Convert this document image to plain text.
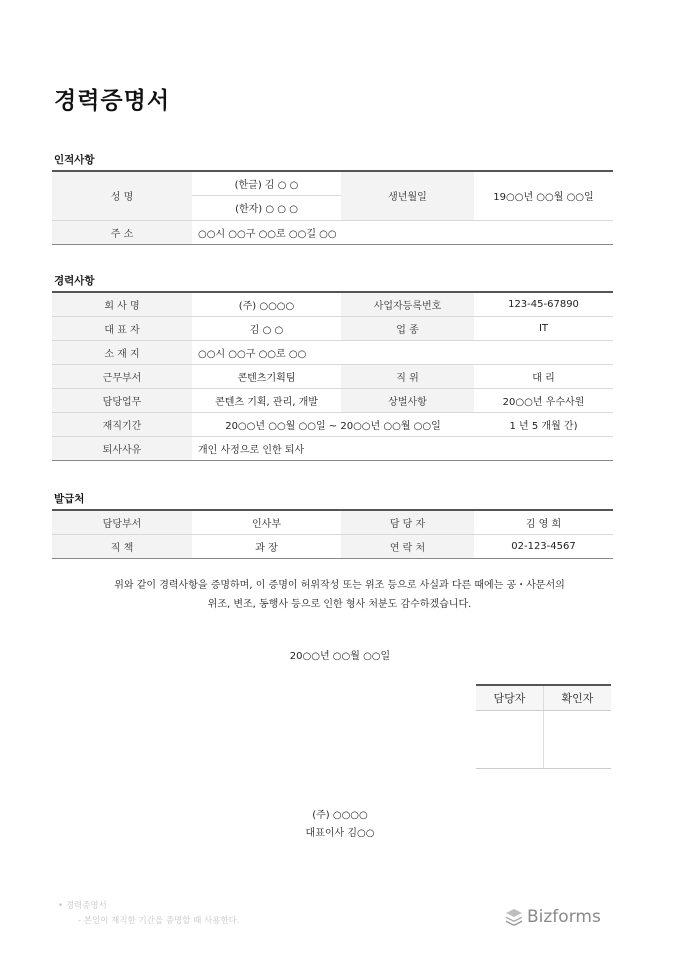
경력증명서
인적사항
성 명	(한글) 김 ○ ○	생년월일	19○○년 ○○월 ○○일
	(한자) ○ ○ ○		
주 소	○○시 ○○구 ○○로 ○○길 ○○		
경력사항
회 사 명	(주) ○○○○	사업자등록번호	123-45-67890
대 표 자	김 ○ ○	업 종	IT
소 재 지	○○시 ○○구 ○○로 ○○		
근무부서	콘텐츠기획팀	직 위	대 리
담당업무	콘텐츠 기획, 관리, 개발	상벌사항	20○○년 우수사원
재직기간	20○○년 ○○월 ○○일 ~ 20○○년 ○○월 ○○일		1 년 5 개월 간)
퇴사사유	개인 사정으로 인한 퇴사		
발급처
담당부서	인사부	담 당 자	김 영 희
직 책	과 장	연 락 처	02-123-4567
위와 같이 경력사항을 증명하며, 이 증명이 허위작성 또는 위조 등으로 사실과 다른 때에는 공・사문서의
위조, 변조, 동행사 등으로 인한 형사 처분도 감수하겠습니다.
20○○년 ○○월 ○○일
담당자	확인자

(주) ○○○○
대표이사 김○○
• 경력증명서
- 본인이 재직한 기간을 증명할 때 사용한다.	Bizforms
